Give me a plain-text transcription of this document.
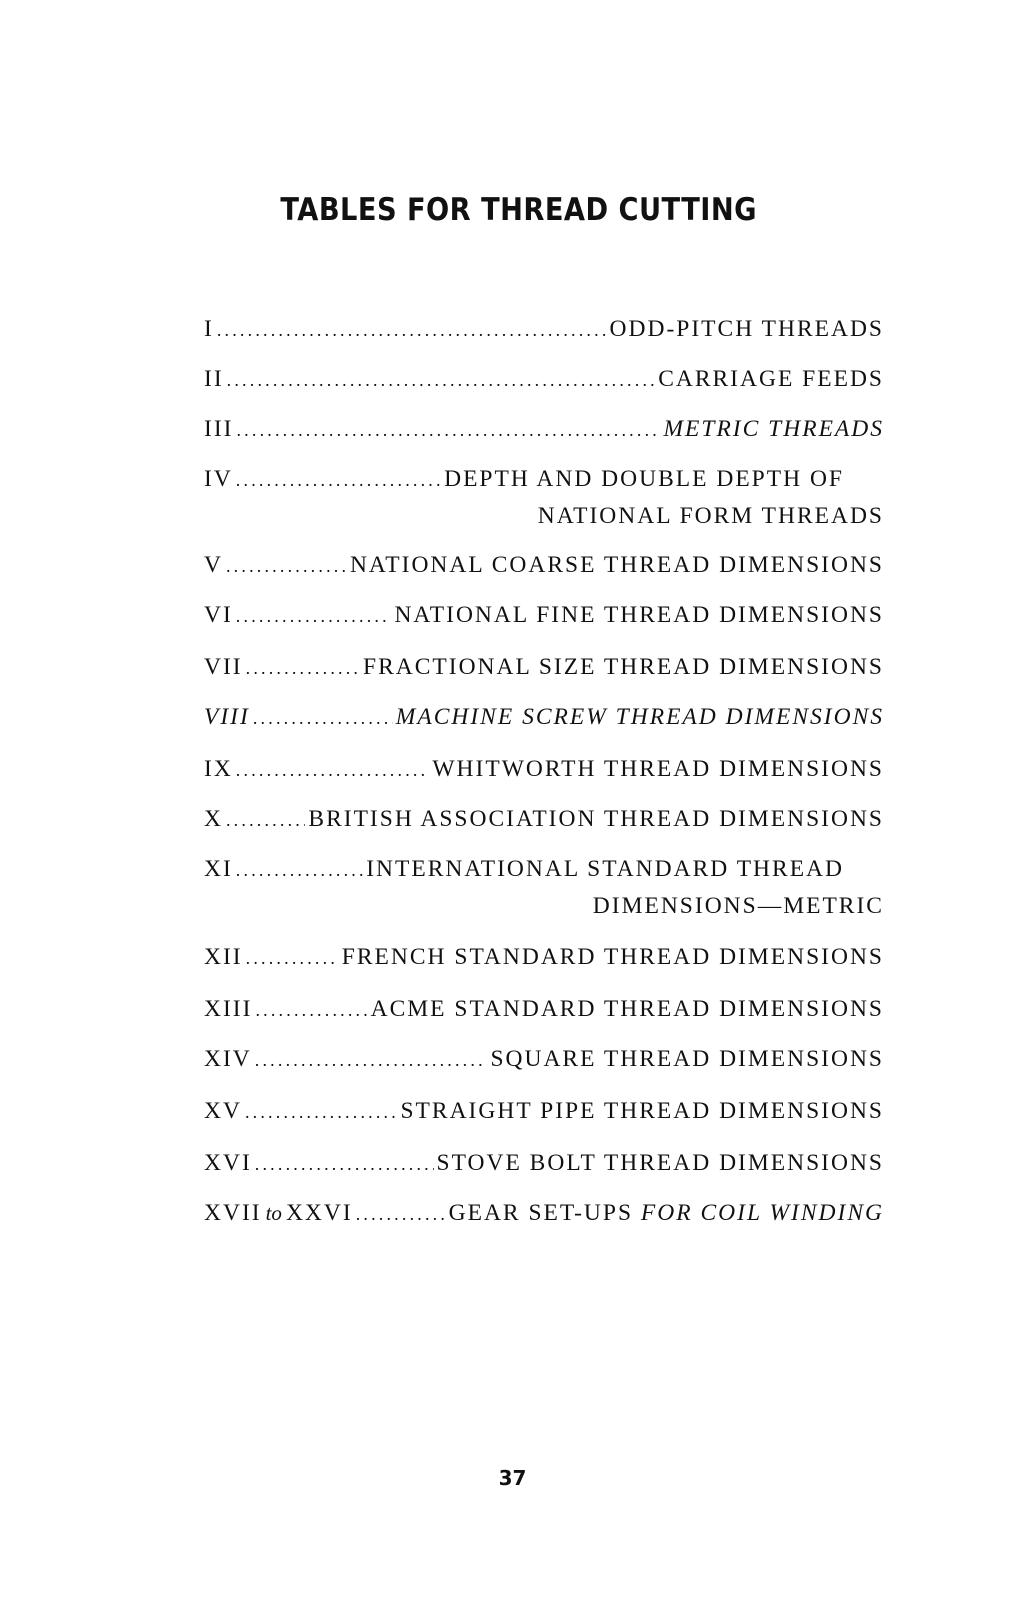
TABLES FOR THREAD CUTTING
I .....	ODD-PITCH THREADS
II .....	CARRIAGE FEEDS
III .....	METRIC THREADS
IV .....	DEPTH AND DOUBLE DEPTH OF
NATIONAL FORM THREADS
V .....	NATIONAL COARSE THREAD DIMENSIONS
VI .....	NATIONAL FINE THREAD DIMENSIONS
VII .....	FRACTIONAL SIZE THREAD DIMENSIONS
VIII .....	MACHINE SCREW THREAD DIMENSIONS
IX .....	WHITWORTH THREAD DIMENSIONS
X .....	BRITISH ASSOCIATION THREAD DIMENSIONS
XI .....	INTERNATIONAL STANDARD THREAD
DIMENSIONS—METRIC
XII .....	FRENCH STANDARD THREAD DIMENSIONS
XIII .....	ACME STANDARD THREAD DIMENSIONS
XIV .....	SQUARE THREAD DIMENSIONS
XV .....	STRAIGHT PIPE THREAD DIMENSIONS
XVI .....	STOVE BOLT THREAD DIMENSIONS
XVII to XXVI .....	GEAR SET-UPS FOR COIL WINDING
37
